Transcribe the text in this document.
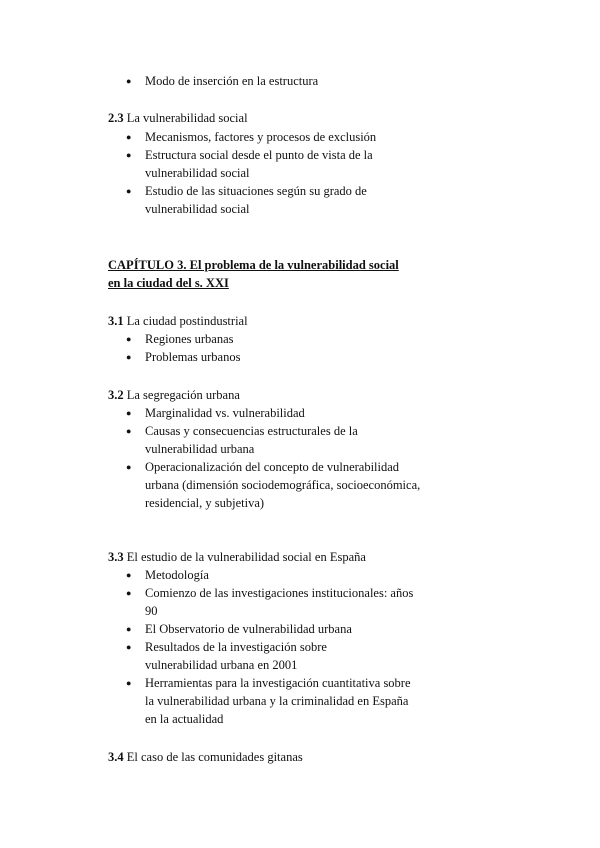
● Modo de inserción en la estructura
2.3 La vulnerabilidad social
● Mecanismos, factores y procesos de exclusión
● Estructura social desde el punto de vista de la vulnerabilidad social
● Estudio de las situaciones según su grado de vulnerabilidad social
CAPÍTULO 3. El problema de la vulnerabilidad social
en la ciudad del s. XXI
3.1 La ciudad postindustrial
● Regiones urbanas
● Problemas urbanos
3.2 La segregación urbana
● Marginalidad vs. vulnerabilidad
● Causas y consecuencias estructurales de la vulnerabilidad urbana
● Operacionalización del concepto de vulnerabilidad urbana (dimensión sociodemográfica, socioeconómica, residencial, y subjetiva)
3.3 El estudio de la vulnerabilidad social en España
● Metodología
● Comienzo de las investigaciones institucionales: años 90
● El Observatorio de vulnerabilidad urbana
● Resultados de la investigación sobre vulnerabilidad urbana en 2001
● Herramientas para la investigación cuantitativa sobre la vulnerabilidad urbana y la criminalidad en España en la actualidad
3.4 El caso de las comunidades gitanas
